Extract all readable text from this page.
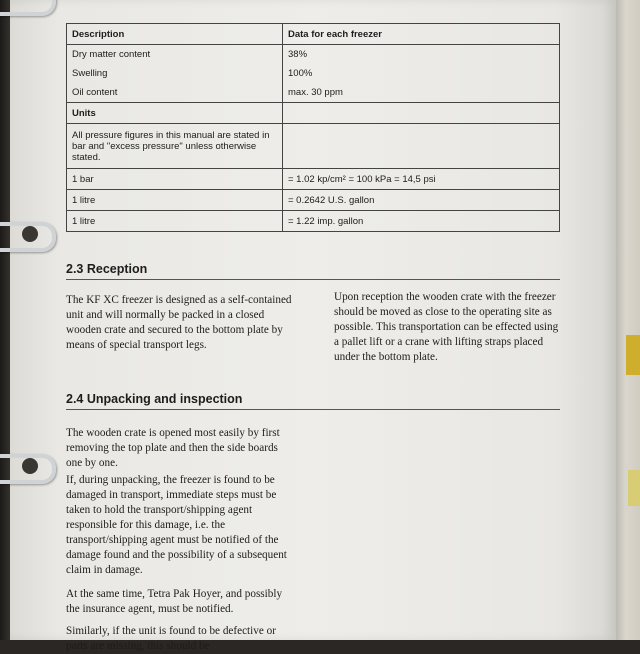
Description	Data for each freezer
Dry matter content	38%
Swelling	100%
Oil content	max. 30 ppm
Units	
All pressure figures in this manual are stated in bar and "excess pressure" unless otherwise stated.	
1 bar	= 1.02 kp/cm² = 100 kPa = 14,5 psi
1 litre	= 0.2642 U.S. gallon
1 litre	= 1.22 imp. gallon
2.3 Reception

The KF XC freezer is designed as a self-contained unit and will normally be packed in a closed wooden crate and secured to the bottom plate by means of special transport legs.

Upon reception the wooden crate with the freezer should be moved as close to the operating site as possible. This transportation can be effected using a pallet lift or a crane with lifting straps placed under the bottom plate.

2.4 Unpacking and inspection

The wooden crate is opened most easily by first removing the top plate and then the side boards one by one.

If, during unpacking, the freezer is found to be damaged in transport, immediate steps must be taken to hold the transport/shipping agent responsible for this damage, i.e. the transport/shipping agent must be notified of the damage found and the possibility of a subsequent claim in damage.

At the same time, Tetra Pak Hoyer, and possibly the insurance agent, must be notified.

Similarly, if the unit is found to be defective or parts are missing, this should be
